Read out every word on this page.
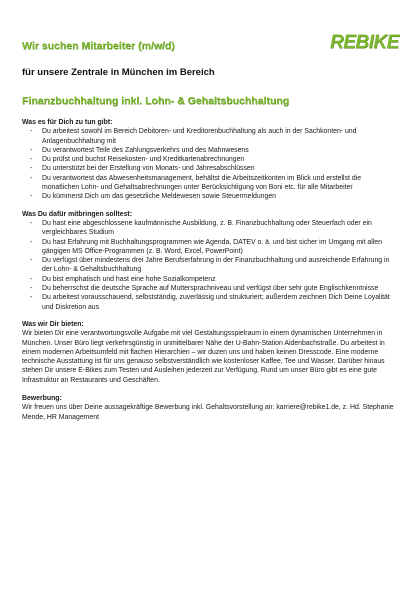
Wir suchen Mitarbeiter (m/w/d)	REBIKE
für unsere Zentrale in München im Bereich
Finanzbuchhaltung inkl. Lohn- & Gehaltsbuchhaltung

Was es für Dich zu tun gibt:

- Du arbeitest sowohl im Bereich Debitoren- und Kreditorenbuchhaltung als auch in der Sachkonten- und Anlagenbuchhaltung mit
- Du verantwortest Teile des Zahlungsverkehrs und des Mahnwesens
- Du prüfst und buchst Reisekosten- und Kreditkartenabrechnungen
- Du unterstützt bei der Erstellung von Monats- und Jahresabschlüssen
- Du verantwortest das Abwesenheitsmanagement, behältst die Arbeitszeitkonten im Blick und erstellst die monatlichen Lohn- und Gehaltsabrechnungen unter Berücksichtigung von Boni etc. für alle Mitarbeiter
- Du kümmerst Dich um das gesetzliche Meldewesen sowie Steuermeldungen

Was Du dafür mitbringen solltest:

- Du hast eine abgeschlossene kaufmännische Ausbildung, z. B. Finanzbuchhaltung oder Steuerfach oder ein vergleichbares Studium
- Du hast Erfahrung mit Buchhaltungsprogrammen wie Agenda, DATEV o. ä. und bist sicher im Umgang mit allen gängigen MS Office-Programmen (z. B. Word, Excel, PowerPoint)
- Du verfügst über mindestens drei Jahre Berufserfahrung in der Finanzbuchhaltung und ausreichende Erfahrung in der Lohn- & Gehaltsbuchhaltung
- Du bist emphatisch und hast eine hohe Sozialkompetenz
- Du beherrschst die deutsche Sprache auf Muttersprachniveau und verfügst über sehr gute Englischkenntnisse
- Du arbeitest vorausschauend, selbstständig, zuverlässig und strukturiert; außerdem zeichnen Dich Deine Loyalität und Diskretion aus

Was wir Dir bieten:

Wir bieten Dir eine verantwortungsvolle Aufgabe mit viel Gestaltungsspielraum in einem dynamischen Unternehmen in München. Unser Büro liegt verkehrsgünstig in unmittelbarer Nähe der U-Bahn-Station Aidenbachstraße. Du arbeitest in einem modernen Arbeitsumfeld mit flachen Hierarchien – wir duzen uns und haben keinen Dresscode. Eine moderne technische Ausstattung ist für uns genauso selbstverständlich wie kostenloser Kaffee, Tee und Wasser. Darüber hinaus stehen Dir unsere E-Bikes zum Testen und Ausleihen jederzeit zur Verfügung. Rund um unser Büro gibt es eine gute Infrastruktur an Restaurants und Geschäften.

Bewerbung:

Wir freuen uns über Deine aussagekräftige Bewerbung inkl. Gehaltsvorstellung an: karriere@rebike1.de, z. Hd. Stephanie Mende, HR Management
